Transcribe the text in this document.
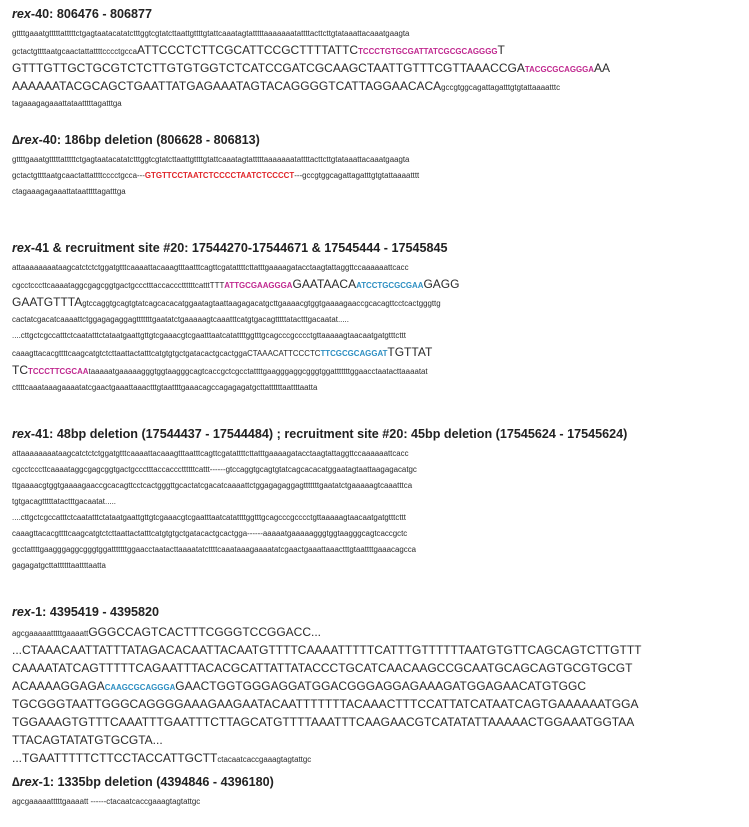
rex-40: 806476 - 806877
gttttgaaatgtttttatttttctgagtaatacatatctttggtcgtatcttaattgttttgtattcaaatagtatttttaaaaaaatattttacttcttgtataaattacaaatgaagta
gctactgttttaatgcaactattattttcccctgccaATTCCCTCTTCGCATTCCGCTTTTATTCTCCCTGTGCGATTATCGCGCAGGGGT
GTTTGTTGCTGCGTCTCTTGTGTGGTCTCATCCGATCGCAAGCTAATTGTTTCGTTAAACCGATACGCGCAGGGAAA
AAAAAATACGCAGCTGAATTATGAGAAATAGTACAGGGGTCATTAGGAACACAgccgtggcagattagatttgtgtattaaaatttc
tagaaagagaaattataatttttagatttga
∆rex-40: 186bp deletion (806628 - 806813)
gttttgaaatgtttttatttttctgagtaatacatatctttggtcgtatcttaattgttttgtattcaaatagtatttttaaaaaaatattttacttcttgtataaattacaaatgaagta
gctactgttttaatgcaactattattttcccctgcca---GTGTTCCTAATCTCCCCTAATCTCCCCT---gccgtggcagattagatttgtgtattaaaatttt
ctagaaagagaaattataatttttagatttga
rex-41 & recruitment site #20: 17544270-17544671 & 17545444 - 17545845
attaaaaaaaataagcatctctctggatgtttcaaaattacaaagtttaatttcagttcgatattttcttatttgaaaagatacctaagtattaggttccaaaaaattcacc
cgcctcccttcaaaataggcgagcggtgactgccctttaccacccttttttcatttTTTATTGCGAAGGGAGAATAACAATCCTGCGCGAAGAGG
GAATGTTTAgtccaggtgcagtgtatcagcacacatggaatagtaattaagagacatgcttgaaaacgtggtgaaaagaaccgcacagttcctcactgggttg
cactatcgacatcaaaattctggagagaggagtttttttgaatatctgaaaaagtcaaatttcatgtgacagtttttatactttgacaatat.....
....cttgctcgccatttctcaatatttctataatgaattgttgtcgaaacgtcgaatttaatcatattttggtttgcagcccgcccctgttaaaaagtaacaatgatgtttcttt
caaagttacacgttttcaagcatgtctcttaattactatttcatgtgtgctgatacactgcactggaCTAAACATTCCCTCTTCGCGCAGGATTGTTAT
TCTCCCTTCGCAAtaaaaatgaaaaagggtggtaagggcagtcaccgctcgcctattttgaagggaggcgggtggatttttttggaacctaatacttaaaatat
cttttcaaataaagaaaatatcgaactgaaattaaactttgtaattttgaaacagccagagagatgcttattttttaattttaatta
rex-41: 48bp deletion (17544437 - 17544484) ; recruitment site #20: 45bp deletion (17545624 - 17545624)
attaaaaaaaataagcatctctctggatgtttcaaaattacaaagtttaatttcagttcgatattttcttatttgaaaagatacctaagtattaggttccaaaaaattcacc
cgcctcccttcaaaataggcgagcggtgactgccctttaccacccttttttcattt------gtccaggtgcagtgtatcagcacacatggaatagtaattaagagacatgc
ttgaaaacgtggtgaaaagaaccgcacagttcctcactgggttgcactatcgacatcaaaattctggagagaggagtttttttgaatatctgaaaaagtcaaatttca
tgtgacagtttttatactttgacaatat.....
....cttgctcgccatttctcaatatttctataatgaattgttgtcgaaacgtcgaatttaatcatattttggtttgcagcccgcccctgttaaaaagtaacaatgatgtttcttt
caaagttacacgttttcaagcatgtctcttaattactatttcatgtgtgctgatacactgcactgga------aaaaatgaaaaagggtggtaagggcagtcaccgctc
gcctattttgaagggaggcgggtggatttttttggaacctaatacttaaaatatcttttcaaataaagaaaatatcgaactgaaattaaactttgtaattttgaaacagcca
gagagatgcttattttttaattttaatta
rex-1: 4395419 - 4395820
agcgaaaaatttttgaaaattGGGCCAGTCACTTTCGGGTCCGGACC...
...CTAAACAATTATTTATAGACACAATTACAATGTTTTCAAAATTTTTCATTTGTTTTTTAATGTGTTCAGCAGTCTTGTTT
CAAAATATCAGTTTTTCAGAATTTACACGCATTATTATACCCTGCATCAACAAGCCGCAATGCAGCAGTGCGTGCGT
ACAAAAGGAGACAAGCGCAGGGAGAACTGGTGGGAGGATGGACGGGAGGAGAAAGATGGAGAACATGTGGC
TGCGGGTAATTGGGCAGGGGAAAGAAGAATACAATTTTTTTACAAACTTTCCATTATCATAATCAGTGAAAAAATGGA
TGGAAAGTGTTTCAAATTTGAATTTCTTAGCATGTTTTAAATTTCAAGAACGTCATATATTAAAAACTGGAAATGGTAA
TTACAGTATATGTGCGTA...
...TGAATTTTTCTTCCTACCATTGCTTctacaatcaccgaaagtagtattgc
∆rex-1: 1335bp deletion (4394846 - 4396180)
agcgaaaaatttttgaaaatt ------ctacaatcaccgaaagtagtattgc
